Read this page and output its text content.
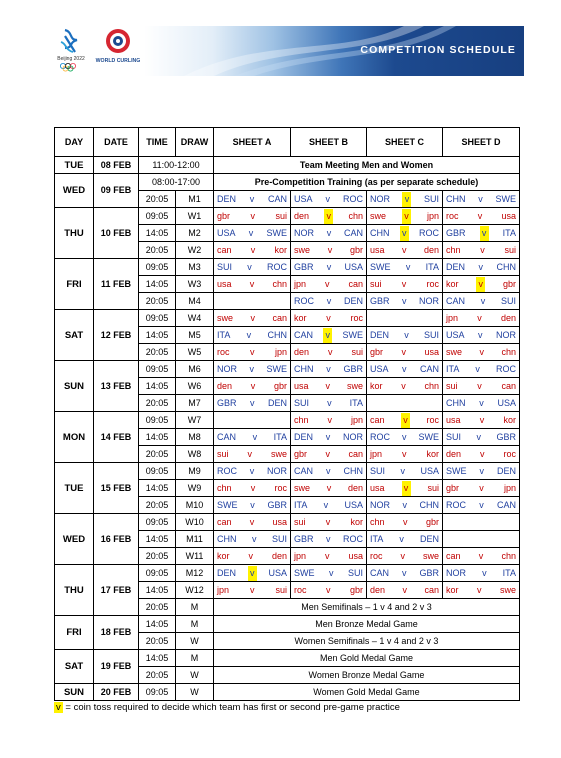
Beijing 2022 WORLD CURLING
COMPETITION SCHEDULE
DAY	DATE	TIME	DRAW	SHEET A	SHEET B	SHEET C	SHEET D
TUE	08 FEB	11:00-12:00		Team Meeting Men and Women			
WED	09 FEB	08:00-17:00		Pre-Competition Training (as per separate schedule)			
		20:05	M1	DEN v CAN	USA v ROC	NOR v SUI	CHN v SWE

THU	10 FEB	09:05	W1	gbr v sui	den v chn	swe v jpn	roc v usa

		14:05	M2	USA v SWE	NOR v CAN	CHN v ROC	GBR v ITA

		20:05	W2	can v kor	swe v gbr	usa v den	chn v sui

FRI	11 FEB	09:05	M3	SUI v ROC	GBR v USA	SWE v ITA	DEN v CHN

		14:05	W3	usa v chn	jpn v can	sui v roc	kor v gbr

		20:05	M4		ROC v DEN	GBR v NOR	CAN v SUI

SAT	12 FEB	09:05	W4	swe v can	kor v roc		jpn v den

		14:05	M5	ITA v CHN	CAN v SWE	DEN v SUI	USA v NOR

		20:05	W5	roc v jpn	den v sui	gbr v usa	swe v chn

SUN	13 FEB	09:05	M6	NOR v SWE	CHN v GBR	USA v CAN	ITA v ROC

		14:05	W6	den v gbr	usa v swe	kor v chn	sui v can

		20:05	M7	GBR v DEN	SUI v ITA		CHN v USA

MON	14 FEB	09:05	W7		chn v jpn	can v roc	usa v kor

		14:05	M8	CAN v ITA	DEN v NOR	ROC v SWE	SUI v GBR

		20:05	W8	sui v swe	gbr v can	jpn v kor	den v roc

TUE	15 FEB	09:05	M9	ROC v NOR	CAN v CHN	SUI v USA	SWE v DEN

		14:05	W9	chn v roc	swe v den	usa v sui	gbr v jpn

		20:05	M10	SWE v GBR	ITA v USA	NOR v CHN	ROC v CAN

WED	16 FEB	09:05	W10	can v usa	sui v kor	chn v gbr	

		14:05	M11	CHN v SUI	GBR v ROC	ITA v DEN	

		20:05	W11	kor v den	jpn v usa	roc v swe	can v chn

THU	17 FEB	09:05	M12	DEN v USA	SWE v SUI	CAN v GBR	NOR v ITA

		14:05	W12	jpn v sui	roc v gbr	den v can	kor v swe

		20:05	M	Men Semifinals – 1 v 4 and 2 v 3			
FRI	18 FEB	14:05	M	Men Bronze Medal Game			
		20:05	W	Women Semifinals – 1 v 4 and 2 v 3			
SAT	19 FEB	14:05	M	Men Gold Medal Game			
		20:05	W	Women Bronze Medal Game			
SUN	20 FEB	09:05	W	Women Gold Medal Game			
v = coin toss required to decide which team has first or second pre-game practice
